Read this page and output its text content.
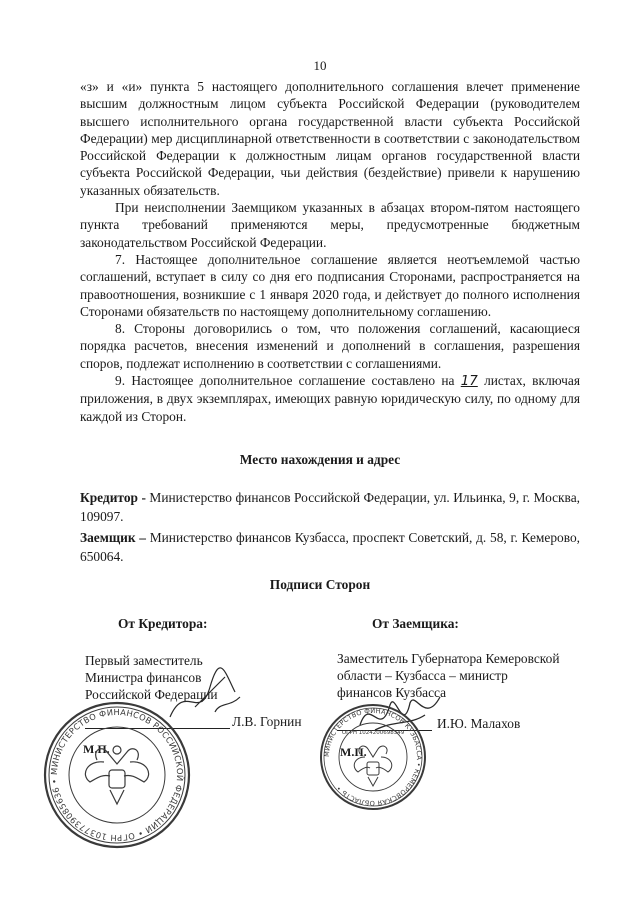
10

«з» и «и» пункта 5 настоящего дополнительного соглашения влечет применение высшим должностным лицом субъекта Российской Федерации (руководителем высшего исполнительного органа государственной власти субъекта Российской Федерации) мер дисциплинарной ответственности в соответствии с законодательством Российской Федерации к должностным лицам органов государственной власти субъекта Российской Федерации, чьи действия (бездействие) привели к нарушению указанных обязательств.

При неисполнении Заемщиком указанных в абзацах втором-пятом настоящего пункта требований применяются меры, предусмотренные бюджетным законодательством Российской Федерации.

7. Настоящее дополнительное соглашение является неотъемлемой частью соглашений, вступает в силу со дня его подписания Сторонами, распространяется на правоотношения, возникшие с 1 января 2020 года, и действует до полного исполнения Сторонами обязательств по настоящему дополнительному соглашению.

8. Стороны договорились о том, что положения соглашений, касающиеся порядка расчетов, внесения изменений и дополнений в соглашения, разрешения споров, подлежат исполнению в соответствии с соглашениями.

9. Настоящее дополнительное соглашение составлено на 17 листах, включая приложения, в двух экземплярах, имеющих равную юридическую силу, по одному для каждой из Сторон.

Место нахождения и адрес
Кредитор - Министерство финансов Российской Федерации, ул. Ильинка, 9, г. Москва, 109097.
Заемщик – Министерство финансов Кузбасса, проспект Советский, д. 58, г. Кемерово, 650064.
Подписи Сторон
От Кредитора:	От Заемщика:
Первый заместитель
Министра финансов
Российской Федерации
Л.В. Горнин
М.П.
МИНИСТЕРСТВО ФИНАНСОВ РОССИЙСКОЙ ФЕДЕРАЦИИ • ОГРН 1037739085636 •
Заместитель Губернатора Кемеровской
области – Кузбасса – министр
финансов Кузбасса
И.Ю. Малахов
М.П.
МИНИСТЕРСТВО ФИНАНСОВ КУЗБАССА • КЕМЕРОВСКАЯ ОБЛАСТЬ •
ОГРН 1024200698349
